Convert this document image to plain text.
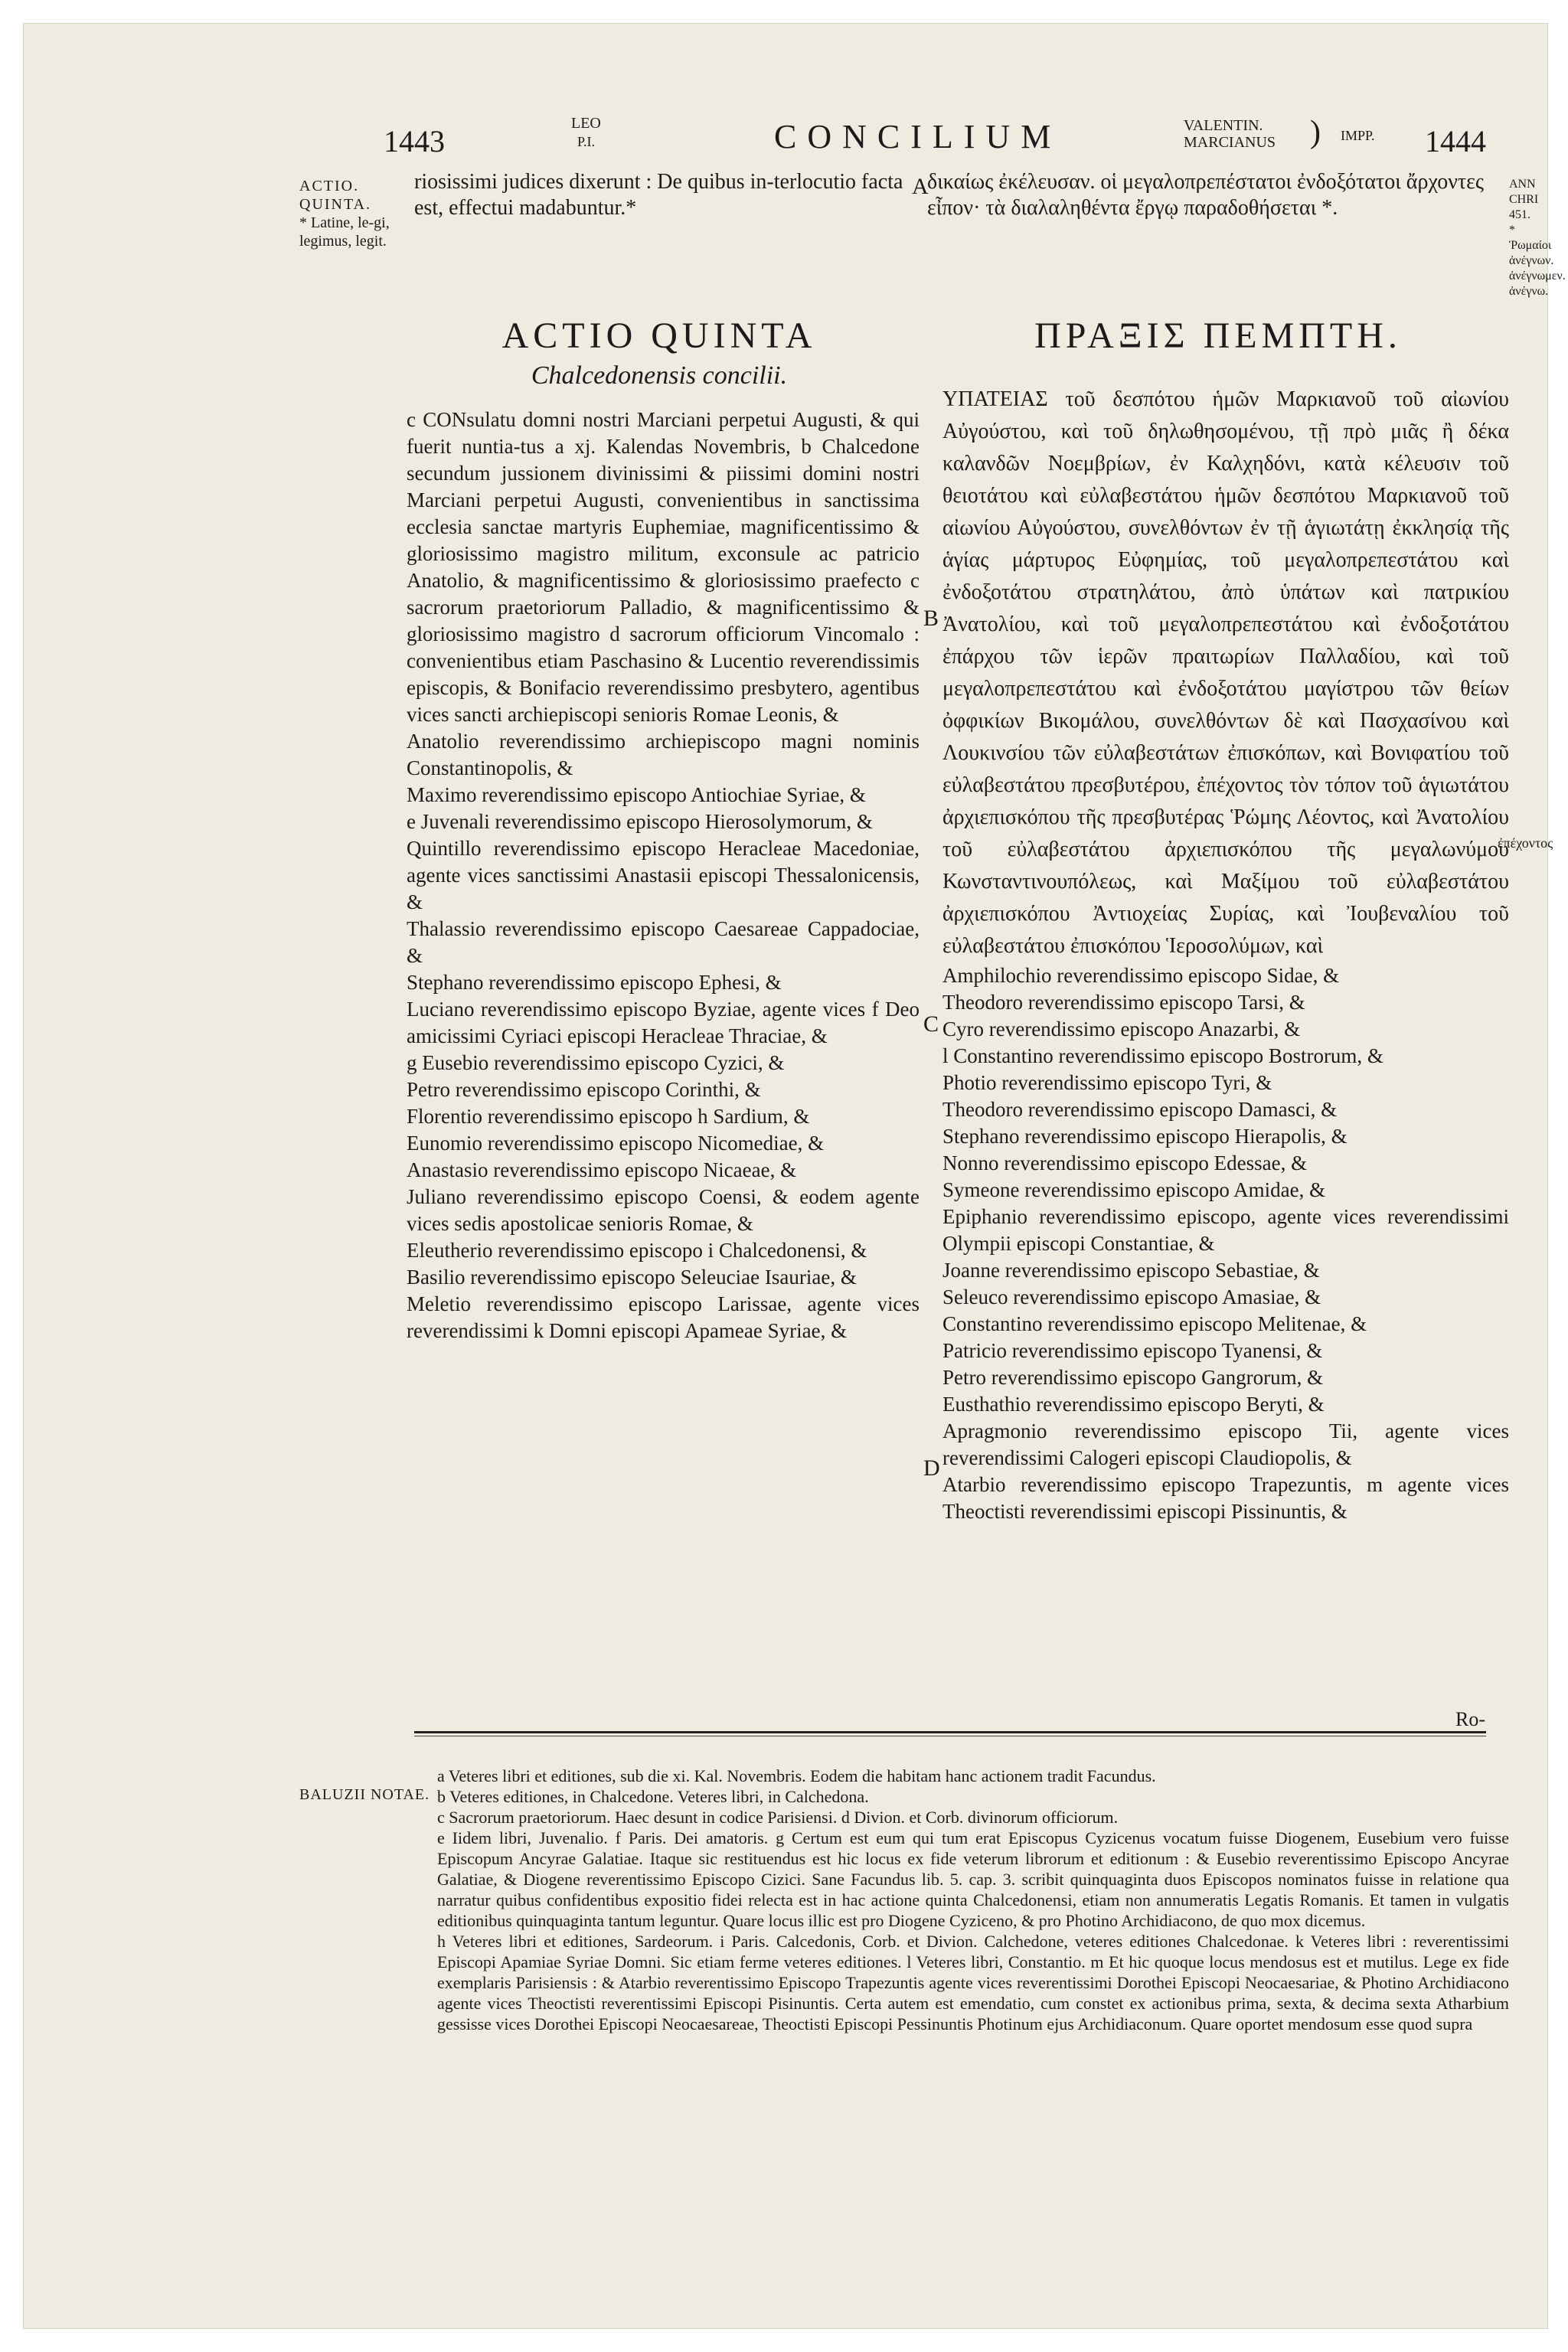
1443
LEO
P.I.	CONCILIUM	VALENTIN.
MARCIANUS ) IMPP. 1444
ACTIO.
QUINTA.
* Latine, le-gi, legimus, legit.
ANN
CHRI
451.
* Ῥωμαίοι ἀνέγνων. ἀνέγνωμεν. ἀνέγνω.
riosissimi judices dixerunt : De quibus in-terlocutio facta est, effectui madabuntur.*
A
δικαίως ἐκέλευσαν. οἱ μεγαλοπρεπέστατοι ἐνδοξότατοι ἄρχοντες εἶπον· τὰ διαλαληθέντα ἔργῳ παραδοθήσεται *.
ACTIO QUINTA
Chalcedonensis concilii.
ΠΡΑΞΙΣ ΠΕΜΠΤΗ.

c CONsulatu domni nostri Marciani perpetui Augusti, & qui fuerit nuntia-tus a xj. Kalendas Novembris, b Chalcedone secundum jussionem divinissimi & piissimi domini nostri Marciani perpetui Augusti, convenientibus in sanctissima ecclesia sanctae martyris Euphemiae, magnificentissimo & gloriosissimo magistro militum, exconsule ac patricio Anatolio, & magnificentissimo & gloriosissimo praefecto c sacrorum praetoriorum Palladio, & magnificentissimo & gloriosissimo magistro d sacrorum officiorum Vincomalo : convenientibus etiam Paschasino & Lucentio reverendissimis episcopis, & Bonifacio reverendissimo presbytero, agentibus vices sancti archiepiscopi senioris Romae Leonis, &

Anatolio reverendissimo archiepiscopo magni nominis Constantinopolis, &

Maximo reverendissimo episcopo Antiochiae Syriae, &

e Juvenali reverendissimo episcopo Hierosolymorum, &

Quintillo reverendissimo episcopo Heracleae Macedoniae, agente vices sanctissimi Anastasii episcopi Thessalonicensis, &

Thalassio reverendissimo episcopo Caesareae Cappadociae, &

Stephano reverendissimo episcopo Ephesi, &

Luciano reverendissimo episcopo Byziae, agente vices f Deo amicissimi Cyriaci episcopi Heracleae Thraciae, &

g Eusebio reverendissimo episcopo Cyzici, &

Petro reverendissimo episcopo Corinthi, &

Florentio reverendissimo episcopo h Sardium, &

Eunomio reverendissimo episcopo Nicomediae, &

Anastasio reverendissimo episcopo Nicaeae, &

Juliano reverendissimo episcopo Coensi, & eodem agente vices sedis apostolicae senioris Romae, &

Eleutherio reverendissimo episcopo i Chalcedonensi, &

Basilio reverendissimo episcopo Seleuciae Isauriae, &

Meletio reverendissimo episcopo Larissae, agente vices reverendissimi k Domni episcopi Apameae Syriae, &

B
C
D

ΥΠΑΤΕΙΑΣ τοῦ δεσπότου ἡμῶν Μαρκιανοῦ τοῦ αἰωνίου Αὐγούστου, καὶ τοῦ δηλωθησομένου, τῇ πρὸ μιᾶς ἢ δέκα καλανδῶν Νοεμβρίων, ἐν Καλχηδόνι, κατὰ κέλευσιν τοῦ θειοτάτου καὶ εὐλαβεστάτου ἡμῶν δεσπότου Μαρκιανοῦ τοῦ αἰωνίου Αὐγούστου, συνελθόντων ἐν τῇ ἁγιωτάτῃ ἐκκλησίᾳ τῆς ἁγίας μάρτυρος Εὐφημίας, τοῦ μεγαλοπρεπεστάτου καὶ ἐνδοξοτάτου στρατηλάτου, ἀπὸ ὑπάτων καὶ πατρικίου Ἀνατολίου, καὶ τοῦ μεγαλοπρεπεστάτου καὶ ἐνδοξοτάτου ἐπάρχου τῶν ἱερῶν πραιτωρίων Παλλαδίου, καὶ τοῦ μεγαλοπρεπεστάτου καὶ ἐνδοξοτάτου μαγίστρου τῶν θείων ὀφφικίων Βικομάλου, συνελθόντων δὲ καὶ Πασχασίνου καὶ Λουκινσίου τῶν εὐλαβεστάτων ἐπισκόπων, καὶ Βονιφατίου τοῦ εὐλαβεστάτου πρεσβυτέρου, ἐπέχοντος τὸν τόπον τοῦ ἁγιωτάτου ἀρχιεπισκόπου τῆς πρεσβυτέρας Ῥώμης Λέοντος, καὶ Ἀνατολίου τοῦ εὐλαβεστάτου ἀρχιεπισκόπου τῆς μεγαλωνύμου Κωνσταντινουπόλεως, καὶ Μαξίμου τοῦ εὐλαβεστάτου ἀρχιεπισκόπου Ἀντιοχείας Συρίας, καὶ Ἰουβεναλίου τοῦ εὐλαβεστάτου ἐπισκόπου Ἱεροσολύμων, καὶ

Amphilochio reverendissimo episcopo Sidae, &

Theodoro reverendissimo episcopo Tarsi, &

Cyro reverendissimo episcopo Anazarbi, &

l Constantino reverendissimo episcopo Bostrorum, &

Photio reverendissimo episcopo Tyri, &

Theodoro reverendissimo episcopo Damasci, &

Stephano reverendissimo episcopo Hierapolis, &

Nonno reverendissimo episcopo Edessae, &

Symeone reverendissimo episcopo Amidae, &

Epiphanio reverendissimo episcopo, agente vices reverendissimi Olympii episcopi Constantiae, &

Joanne reverendissimo episcopo Sebastiae, &

Seleuco reverendissimo episcopo Amasiae, &

Constantino reverendissimo episcopo Melitenae, &

Patricio reverendissimo episcopo Tyanensi, &

Petro reverendissimo episcopo Gangrorum, &

Eusthathio reverendissimo episcopo Beryti, &

Apragmonio reverendissimo episcopo Tii, agente vices reverendissimi Calogeri episcopi Claudiopolis, &

Atarbio reverendissimo episcopo Trapezuntis, m agente vices Theoctisti reverendissimi episcopi Pissinuntis, &

ἐπέχοντος
Ro-
BALUZII NOTAE.

a Veteres libri et editiones, sub die xi. Kal. Novembris. Eodem die habitam hanc actionem tradit Facundus.

b Veteres editiones, in Chalcedone. Veteres libri, in Calchedona.

c Sacrorum praetoriorum. Haec desunt in codice Parisiensi. d Divion. et Corb. divinorum officiorum.

e Iidem libri, Juvenalio. f Paris. Dei amatoris. g Certum est eum qui tum erat Episcopus Cyzicenus vocatum fuisse Diogenem, Eusebium vero fuisse Episcopum Ancyrae Galatiae. Itaque sic restituendus est hic locus ex fide veterum librorum et editionum : & Eusebio reverentissimo Episcopo Ancyrae Galatiae, & Diogene reverentissimo Episcopo Cizici. Sane Facundus lib. 5. cap. 3. scribit quinquaginta duos Episcopos nominatos fuisse in relatione qua narratur quibus confidentibus expositio fidei relecta est in hac actione quinta Chalcedonensi, etiam non annumeratis Legatis Romanis. Et tamen in vulgatis editionibus quinquaginta tantum leguntur. Quare locus illic est pro Diogene Cyziceno, & pro Photino Archidiacono, de quo mox dicemus.

h Veteres libri et editiones, Sardeorum. i Paris. Calcedonis, Corb. et Divion. Calchedone, veteres editiones Chalcedonae. k Veteres libri : reverentissimi Episcopi Apamiae Syriae Domni. Sic etiam ferme veteres editiones. l Veteres libri, Constantio. m Et hic quoque locus mendosus est et mutilus. Lege ex fide exemplaris Parisiensis : & Atarbio reverentissimo Episcopo Trapezuntis agente vices reverentissimi Dorothei Episcopi Neocaesariae, & Photino Archidiacono agente vices Theoctisti reverentissimi Episcopi Pisinuntis. Certa autem est emendatio, cum constet ex actionibus prima, sexta, & decima sexta Atharbium gessisse vices Dorothei Episcopi Neocaesareae, Theoctisti Episcopi Pessinuntis Photinum ejus Archidiaconum. Quare oportet mendosum esse quod supra
